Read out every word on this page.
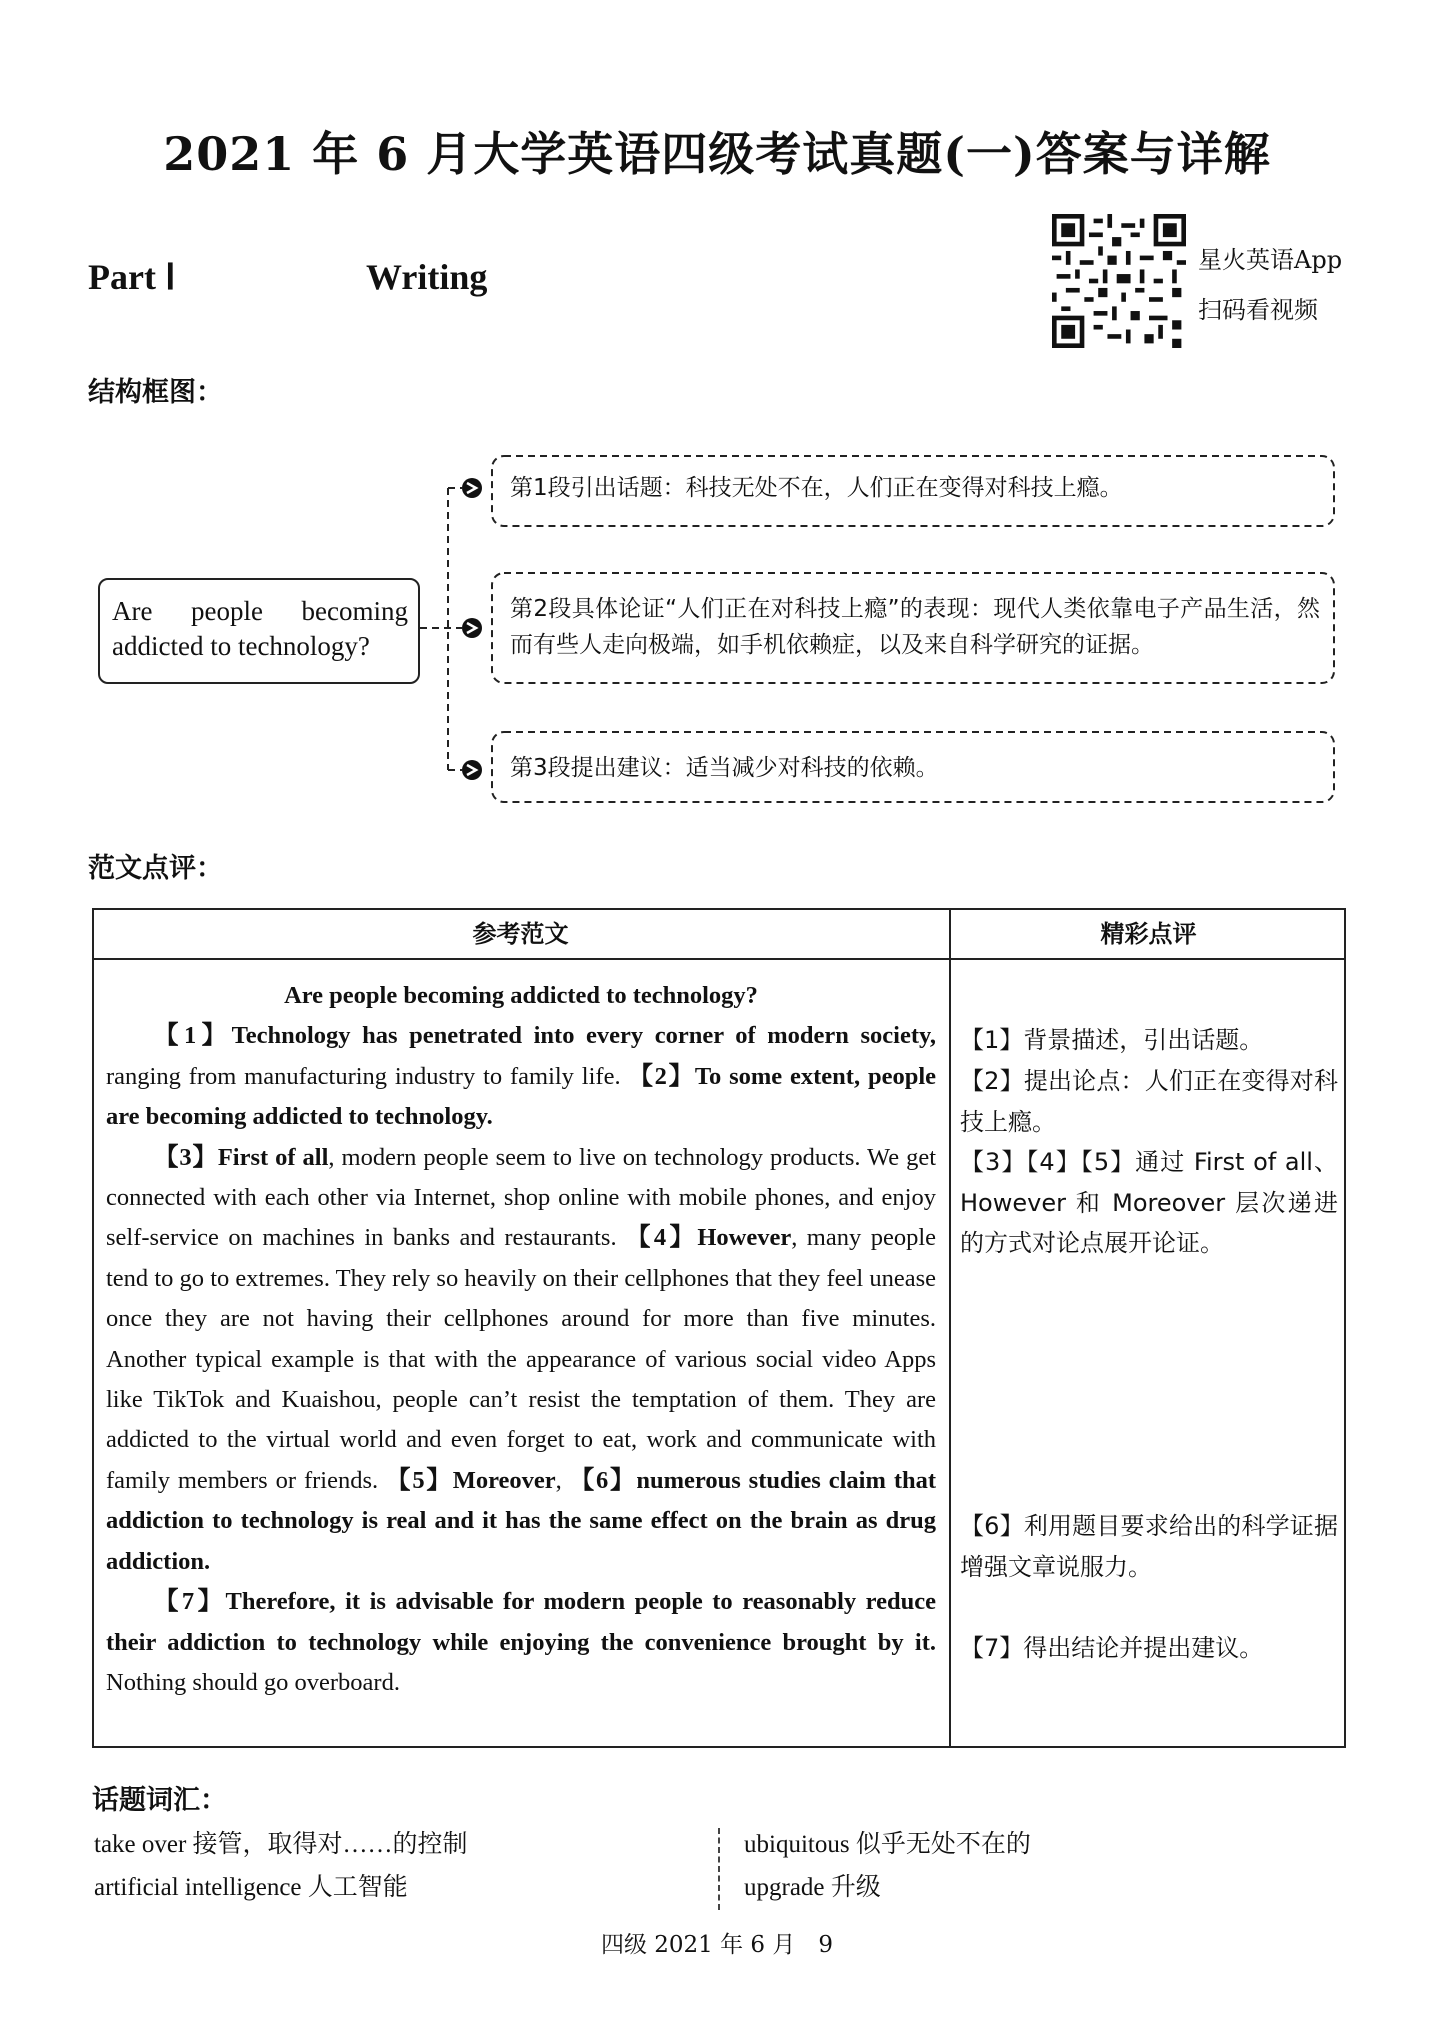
2021 年 6 月大学英语四级考试真题(一)答案与详解
Part Ⅰ	Writing	星火英语App
扫码看视频
结构框图：
Are people becoming addicted to technology?
第1段引出话题：科技无处不在，人们正在变得对科技上瘾。
第2段具体论证“人们正在对科技上瘾”的表现：现代人类依靠电子产品生活，然而有些人走向极端，如手机依赖症，以及来自科学研究的证据。
第3段提出建议：适当减少对科技的依赖。
范文点评：
参考范文	精彩点评

Are people becoming addicted to technology?

【1】Technology has penetrated into every corner of modern society, ranging from manufacturing industry to family life. 【2】To some extent, people are becoming addicted to technology.

【3】First of all, modern people seem to live on technology products. We get connected with each other via Internet, shop online with mobile phones, and enjoy self-service on machines in banks and restaurants. 【4】However, many people tend to go to extremes. They rely so heavily on their cellphones that they feel unease once they are not having their cellphones around for more than five minutes. Another typical example is that with the appearance of various social video Apps like TikTok and Kuaishou, people can’t resist the temptation of them. They are addicted to the virtual world and even forget to eat, work and communicate with family members or friends. 【5】Moreover, 【6】numerous studies claim that addiction to technology is real and it has the same effect on the brain as drug addiction.

【7】Therefore, it is advisable for modern people to reasonably reduce their addiction to technology while enjoying the convenience brought by it. Nothing should go overboard.

【1】背景描述，引出话题。
【2】提出论点：人们正在变得对科技上瘾。
【3】【4】【5】通过 First of all、However 和 Moreover 层次递进的方式对论点展开论证。
【6】利用题目要求给出的科学证据增强文章说服力。
【7】得出结论并提出建议。
话题词汇：
take over 接管，取得对……的控制
artificial intelligence 人工智能
ubiquitous 似乎无处不在的
upgrade 升级
四级 2021 年 6 月　9
